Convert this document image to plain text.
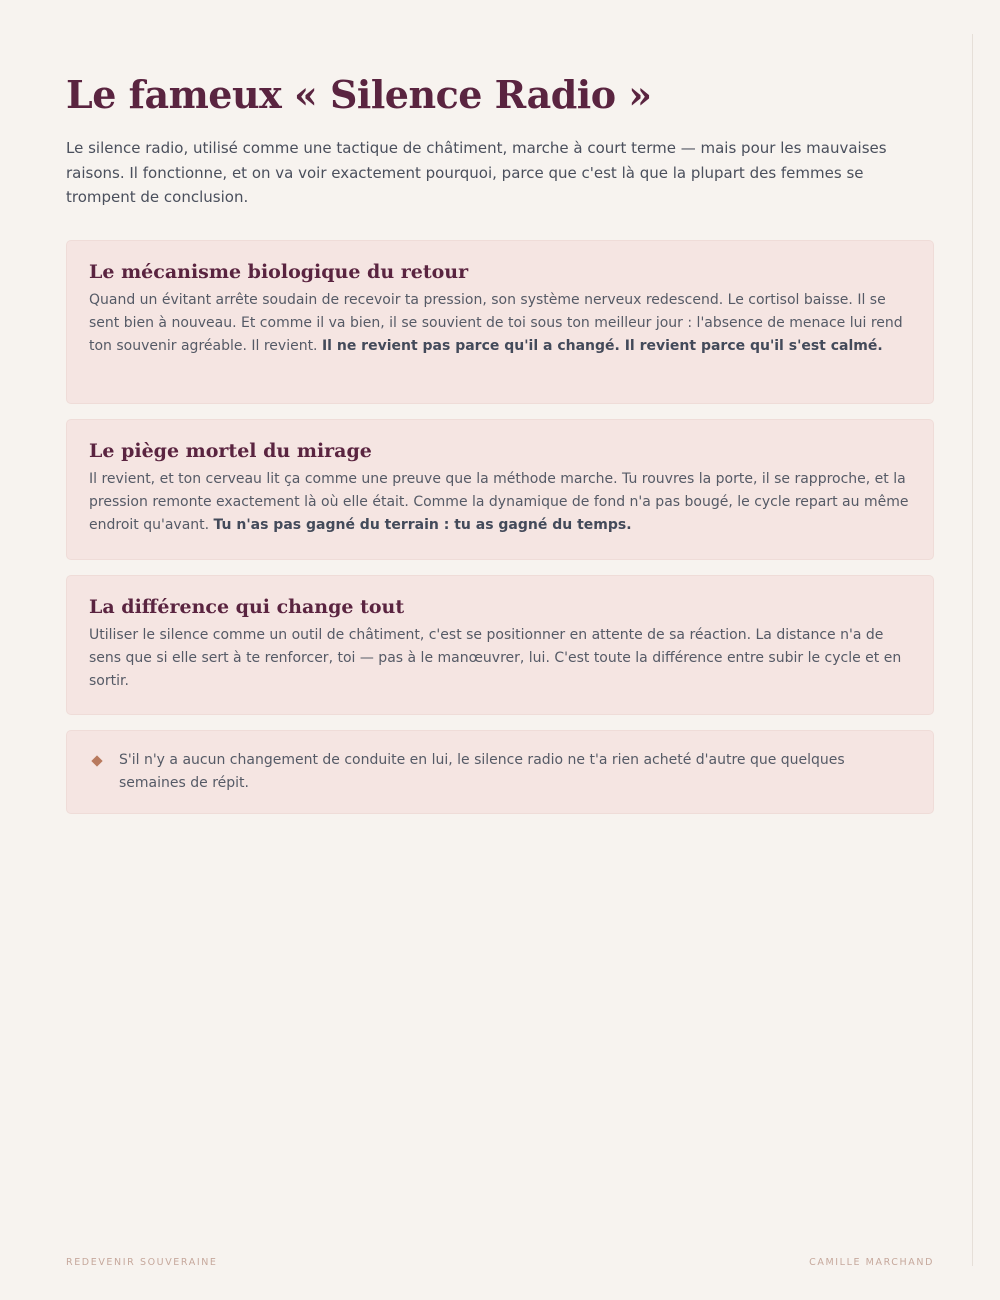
Le fameux « Silence Radio »

Le silence radio, utilisé comme une tactique de châtiment, marche à court terme — mais pour les mauvaises raisons. Il fonctionne, et on va voir exactement pourquoi, parce que c'est là que la plupart des femmes se trompent de conclusion.

Le mécanisme biologique du retour

Quand un évitant arrête soudain de recevoir ta pression, son système nerveux redescend. Le cortisol baisse. Il se sent bien à nouveau. Et comme il va bien, il se souvient de toi sous ton meilleur jour : l'absence de menace lui rend ton souvenir agréable. Il revient. Il ne revient pas parce qu'il a changé. Il revient parce qu'il s'est calmé.

Le piège mortel du mirage

Il revient, et ton cerveau lit ça comme une preuve que la méthode marche. Tu rouvres la porte, il se rapproche, et la pression remonte exactement là où elle était. Comme la dynamique de fond n'a pas bougé, le cycle repart au même endroit qu'avant. Tu n'as pas gagné du terrain : tu as gagné du temps.

La différence qui change tout

Utiliser le silence comme un outil de châtiment, c'est se positionner en attente de sa réaction. La distance n'a de sens que si elle sert à te renforcer, toi — pas à le manœuvrer, lui. C'est toute la différence entre subir le cycle et en sortir.

S'il n'y a aucun changement de conduite en lui, le silence radio ne t'a rien acheté d'autre que quelques semaines de répit.
REDEVENIR SOUVERAINE	CAMILLE MARCHAND
